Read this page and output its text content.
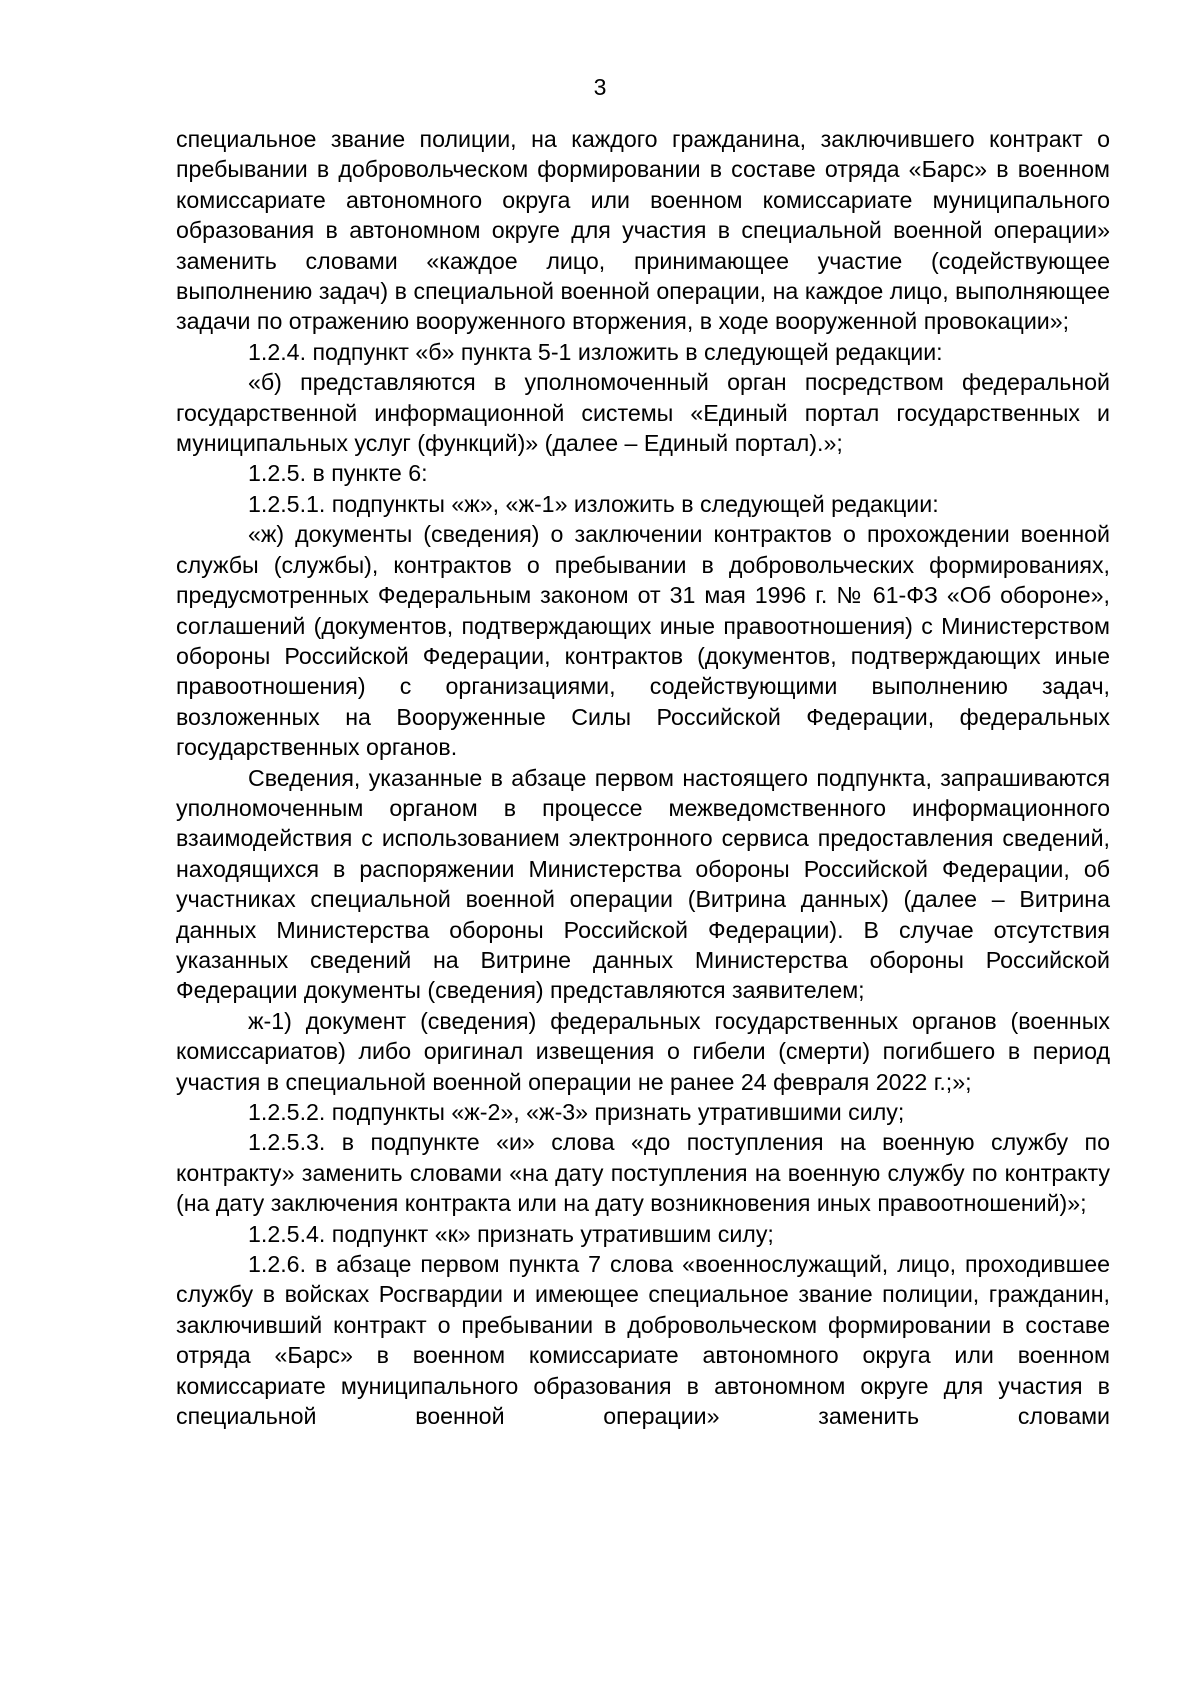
3

специальное звание полиции, на каждого гражданина, заключившего контракт о пребывании в добровольческом формировании в составе отряда «Барс» в военном комиссариате автономного округа или военном комиссариате муниципального образования в автономном округе для участия в специальной военной операции» заменить словами «каждое лицо, принимающее участие (содействующее выполнению задач) в специальной военной операции, на каждое лицо, выполняющее задачи по отражению вооруженного вторжения, в ходе вооруженной провокации»;

1.2.4. подпункт «б» пункта 5-1 изложить в следующей редакции:

«б) представляются в уполномоченный орган посредством федеральной государственной информационной системы «Единый портал государственных и муниципальных услуг (функций)» (далее – Единый портал).»;

1.2.5. в пункте 6:

1.2.5.1. подпункты «ж», «ж-1» изложить в следующей редакции:

«ж) документы (сведения) о заключении контрактов о прохождении военной службы (службы), контрактов о пребывании в добровольческих формированиях, предусмотренных Федеральным законом от 31 мая 1996 г. № 61-ФЗ «Об обороне», соглашений (документов, подтверждающих иные правоотношения) с Министерством обороны Российской Федерации, контрактов (документов, подтверждающих иные правоотношения) с организациями, содействующими выполнению задач, возложенных на Вооруженные Силы Российской Федерации, федеральных государственных органов.

Сведения, указанные в абзаце первом настоящего подпункта, запрашиваются уполномоченным органом в процессе межведомственного информационного взаимодействия с использованием электронного сервиса предоставления сведений, находящихся в распоряжении Министерства обороны Российской Федерации, об участниках специальной военной операции (Витрина данных) (далее – Витрина данных Министерства обороны Российской Федерации). В случае отсутствия указанных сведений на Витрине данных Министерства обороны Российской Федерации документы (сведения) представляются заявителем;

ж-1) документ (сведения) федеральных государственных органов (военных комиссариатов) либо оригинал извещения о гибели (смерти) погибшего в период участия в специальной военной операции не ранее 24 февраля 2022 г.;»;

1.2.5.2. подпункты «ж-2», «ж-3» признать утратившими силу;

1.2.5.3. в подпункте «и» слова «до поступления на военную службу по контракту» заменить словами «на дату поступления на военную службу по контракту (на дату заключения контракта или на дату возникновения иных правоотношений)»;

1.2.5.4. подпункт «к» признать утратившим силу;

1.2.6. в абзаце первом пункта 7 слова «военнослужащий, лицо, проходившее службу в войсках Росгвардии и имеющее специальное звание полиции, гражданин, заключивший контракт о пребывании в добровольческом формировании в составе отряда «Барс» в военном комиссариате автономного округа или военном комиссариате муниципального образования в автономном округе для участия в специальной военной операции» заменить словами
